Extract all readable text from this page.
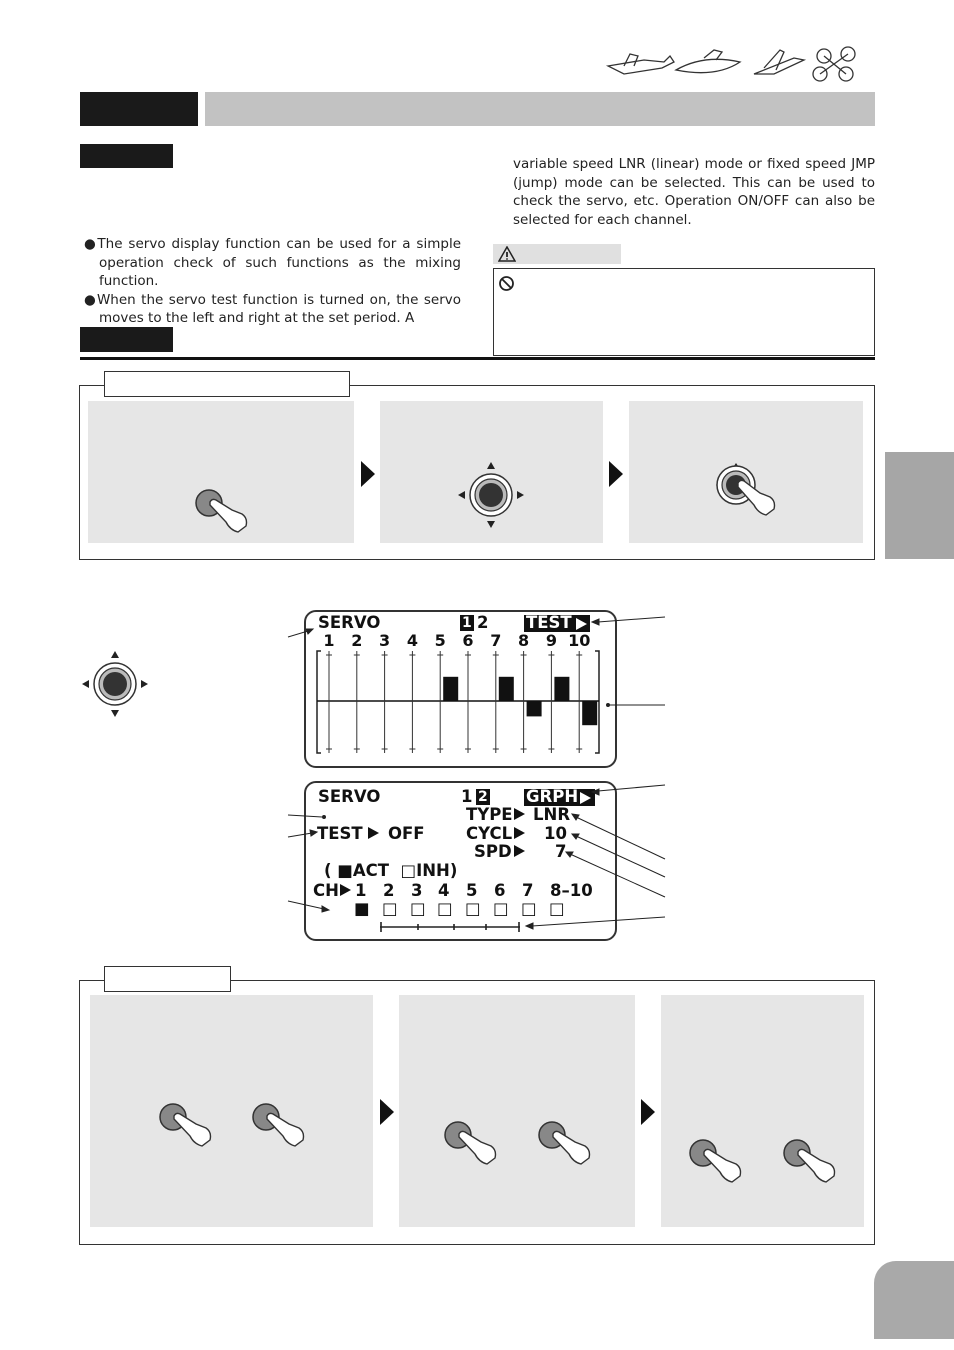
variable speed LNR (linear) mode or fixed speed JMP (jump) mode can be selected. This can be used to check the servo, etc. Operation ON/OFF can also be selected for each channel.
●The servo display function can be used for a simple operation check of such functions as the mixing function.
●When the servo test function is turned on, the servo moves to the left and right at the set period. A
SERVO	1 2 TEST
1 2 3 4 5 6 7 8 9 10
SERVO	1 2 GRPH
TYPE LNR
TEST OFF	CYCL 10
SPD	7
( ■ACT  □INH)
CH 1 2 3 4 5 6 7 8–10
■ □ □ □ □ □ □ □
